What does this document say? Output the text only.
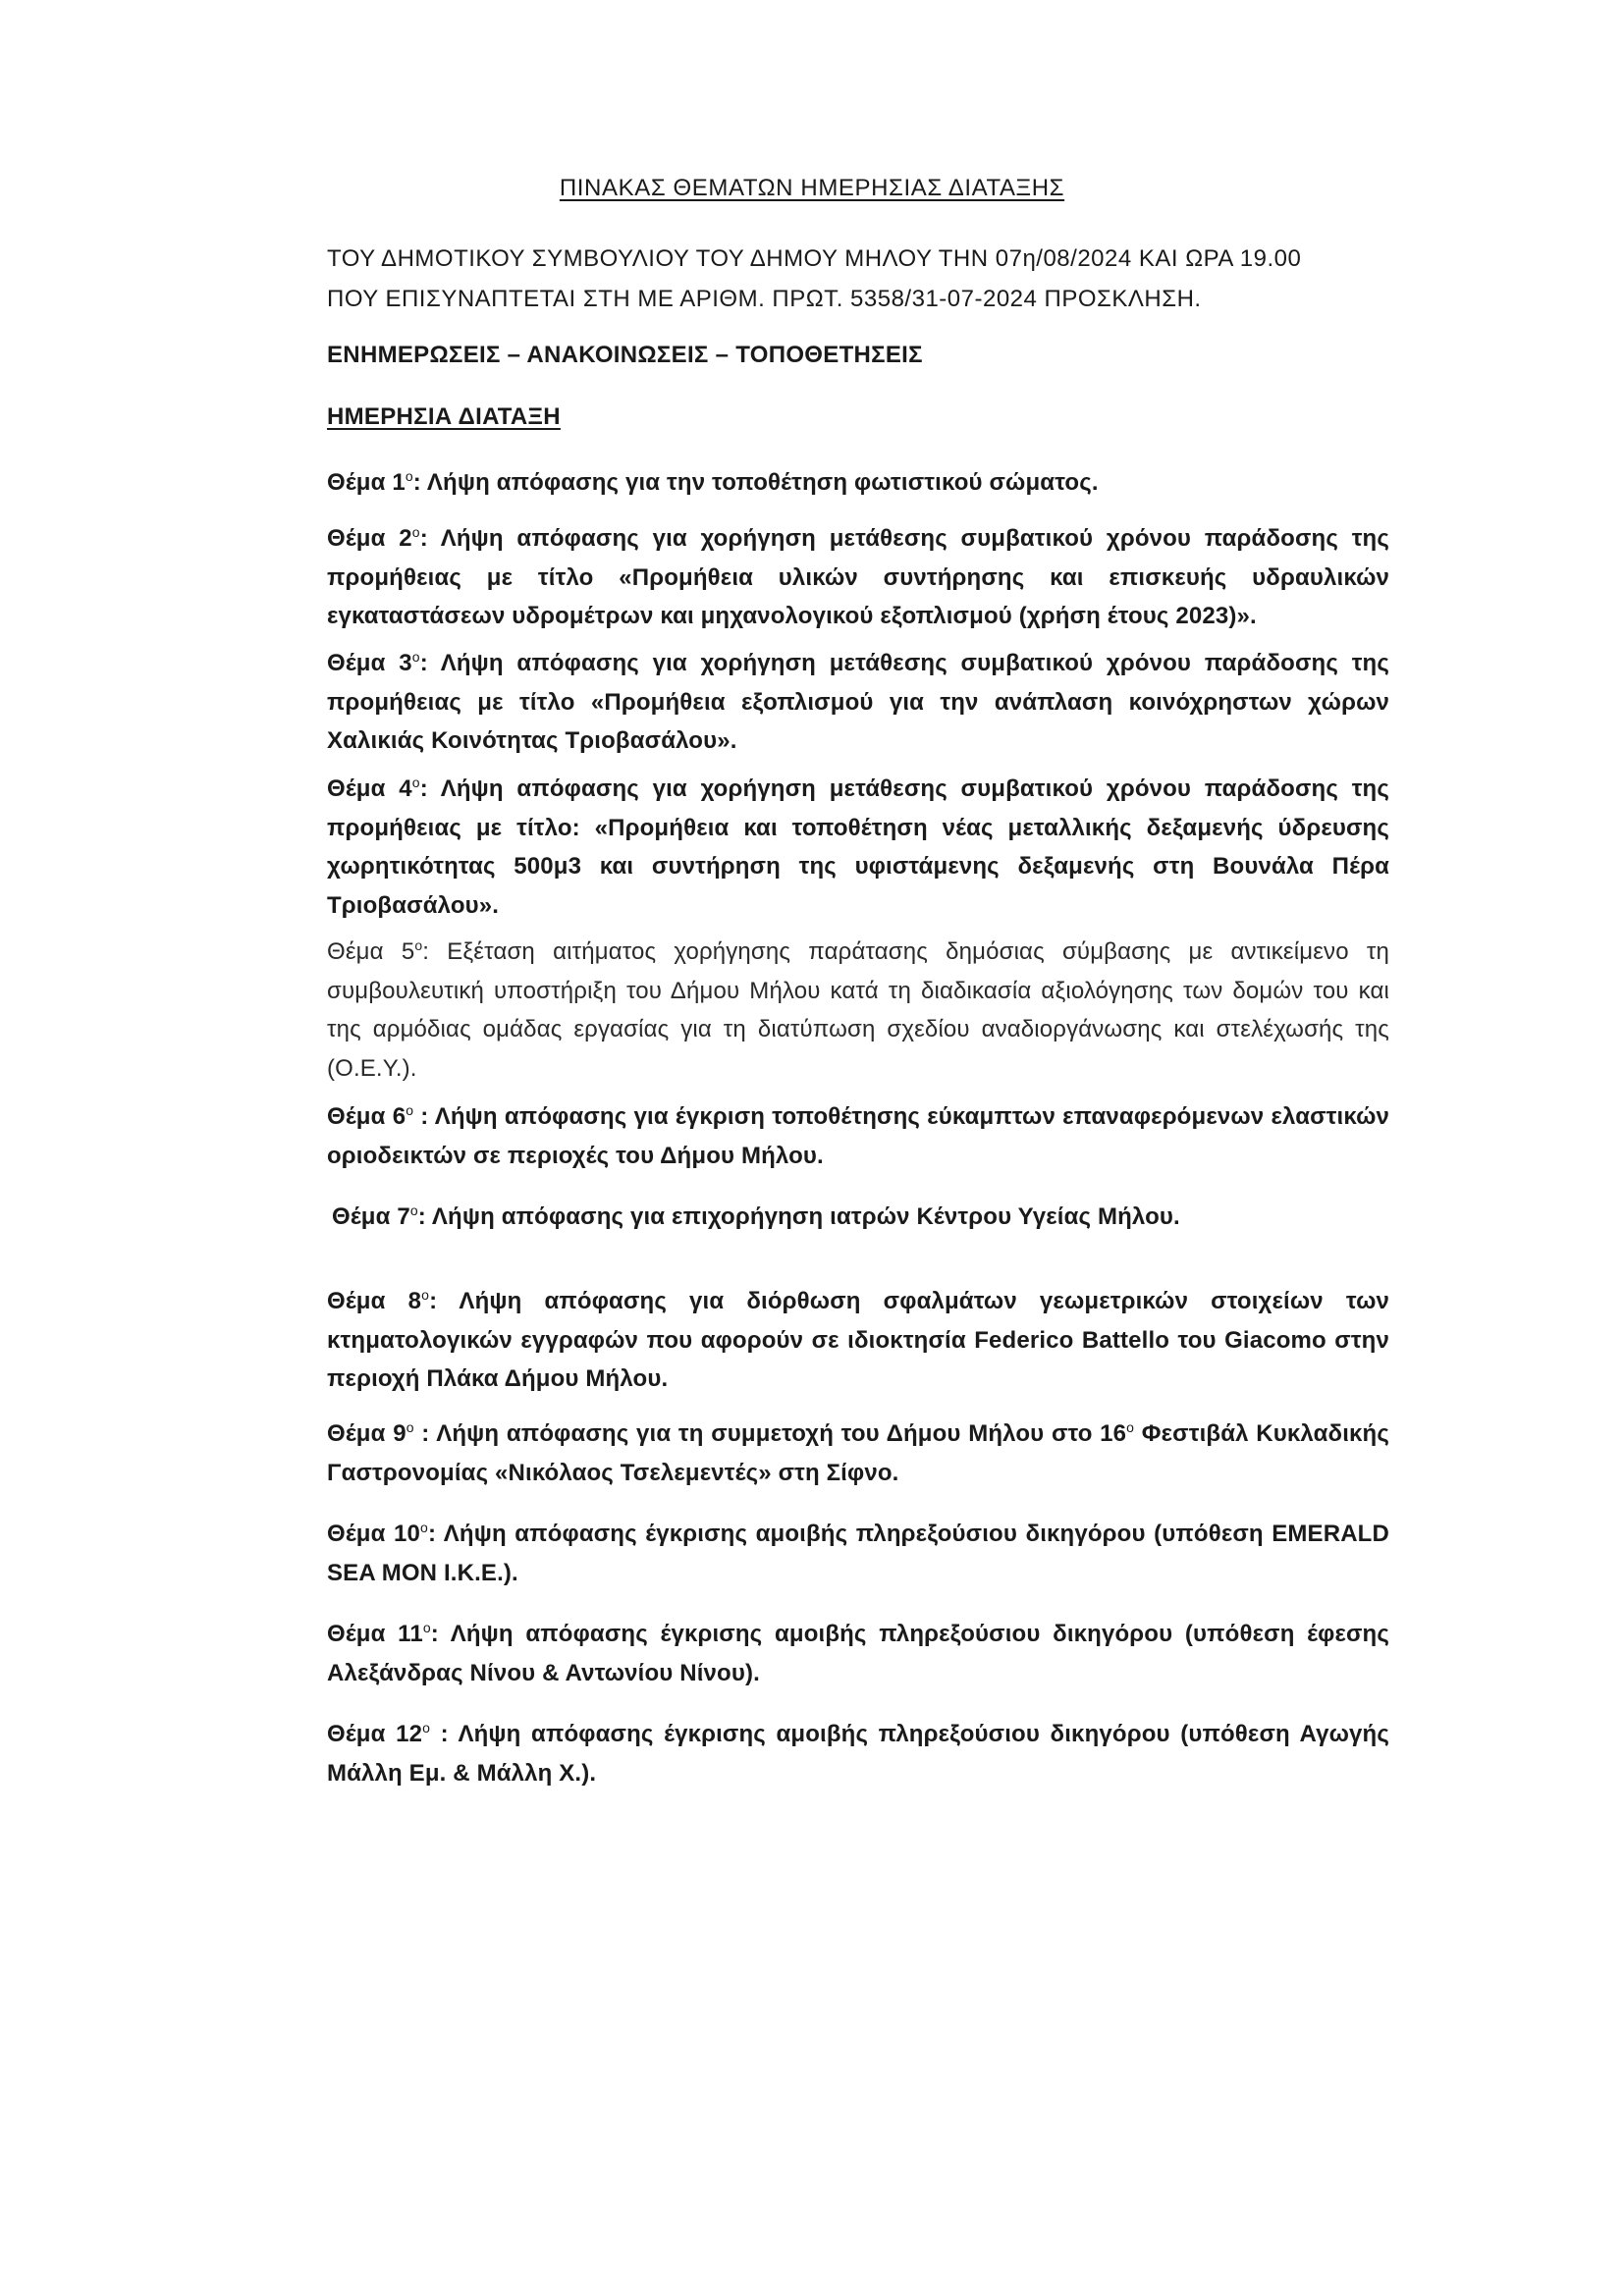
ΠΙΝΑΚΑΣ ΘΕΜΑΤΩΝ ΗΜΕΡΗΣΙΑΣ ΔΙΑΤΑΞΗΣ
ΤΟΥ ΔΗΜΟΤΙΚΟΥ ΣΥΜΒΟΥΛΙΟΥ ΤΟΥ ΔΗΜΟΥ ΜΗΛΟΥ ΤΗΝ 07η/08/2024 ΚΑΙ ΩΡΑ 19.00
ΠΟΥ ΕΠΙΣΥΝΑΠΤΕΤΑΙ ΣΤΗ ΜΕ ΑΡΙΘΜ. ΠΡΩΤ. 5358/31-07-2024 ΠΡΟΣΚΛΗΣΗ.
ΕΝΗΜΕΡΩΣΕΙΣ – ΑΝΑΚΟΙΝΩΣΕΙΣ – ΤΟΠΟΘΕΤΗΣΕΙΣ
ΗΜΕΡΗΣΙΑ ΔΙΑΤΑΞΗ
Θέμα $1^o$: Λήψη απόφασης για την τοποθέτηση φωτιστικού σώματος.
Θέμα $2^o$: Λήψη απόφασης για χορήγηση μετάθεσης συμβατικού χρόνου παράδοσης της προμήθειας με τίτλο «Προμήθεια υλικών συντήρησης και επισκευής υδραυλικών εγκαταστάσεων υδρομέτρων και μηχανολογικού εξοπλισμού (χρήση έτους 2023)».
Θέμα $3^o$: Λήψη απόφασης για χορήγηση μετάθεσης συμβατικού χρόνου παράδοσης της προμήθειας με τίτλο «Προμήθεια εξοπλισμού για την ανάπλαση κοινόχρηστων χώρων Χαλικιάς Κοινότητας Τριοβασάλου».
Θέμα $4^o$: Λήψη απόφασης για χορήγηση μετάθεσης συμβατικού χρόνου παράδοσης της προμήθειας με τίτλο: «Προμήθεια και τοποθέτηση νέας μεταλλικής δεξαμενής ύδρευσης χωρητικότητας 500μ3 και συντήρηση της υφιστάμενης δεξαμενής στη Βουνάλα Πέρα Τριοβασάλου».
Θέμα $5^o$: Εξέταση αιτήματος χορήγησης παράτασης δημόσιας σύμβασης με αντικείμενο τη συμβουλευτική υποστήριξη του Δήμου Μήλου κατά τη διαδικασία αξιολόγησης των δομών του και της αρμόδιας ομάδας εργασίας για τη διατύπωση σχεδίου αναδιοργάνωσης και στελέχωσής της (Ο.Ε.Υ.).
Θέμα $6^o$ : Λήψη απόφασης για έγκριση τοποθέτησης εύκαμπτων επαναφερόμενων ελαστικών οριοδεικτών σε περιοχές του Δήμου Μήλου.
Θέμα $7^o$: Λήψη απόφασης για επιχορήγηση ιατρών Κέντρου Υγείας Μήλου.
Θέμα $8^o$: Λήψη απόφασης για διόρθωση σφαλμάτων γεωμετρικών στοιχείων των κτηματολογικών εγγραφών που αφορούν σε ιδιοκτησία Federico Battello του Giacomo στην περιοχή Πλάκα Δήμου Μήλου.
Θέμα $9^o$ : Λήψη απόφασης για τη συμμετοχή του Δήμου Μήλου στο $16^o$ Φεστιβάλ Κυκλαδικής Γαστρονομίας «Νικόλαος Τσελεμεντές» στη Σίφνο.
Θέμα $10^o$: Λήψη απόφασης έγκρισης αμοιβής πληρεξούσιου δικηγόρου (υπόθεση EMERALD SEA MON I.K.E.).
Θέμα $11^o$: Λήψη απόφασης έγκρισης αμοιβής πληρεξούσιου δικηγόρου (υπόθεση έφεσης Αλεξάνδρας Νίνου & Αντωνίου Νίνου).
Θέμα $12^o$ : Λήψη απόφασης έγκρισης αμοιβής πληρεξούσιου δικηγόρου (υπόθεση Αγωγής Μάλλη Εμ. & Μάλλη Χ.).
